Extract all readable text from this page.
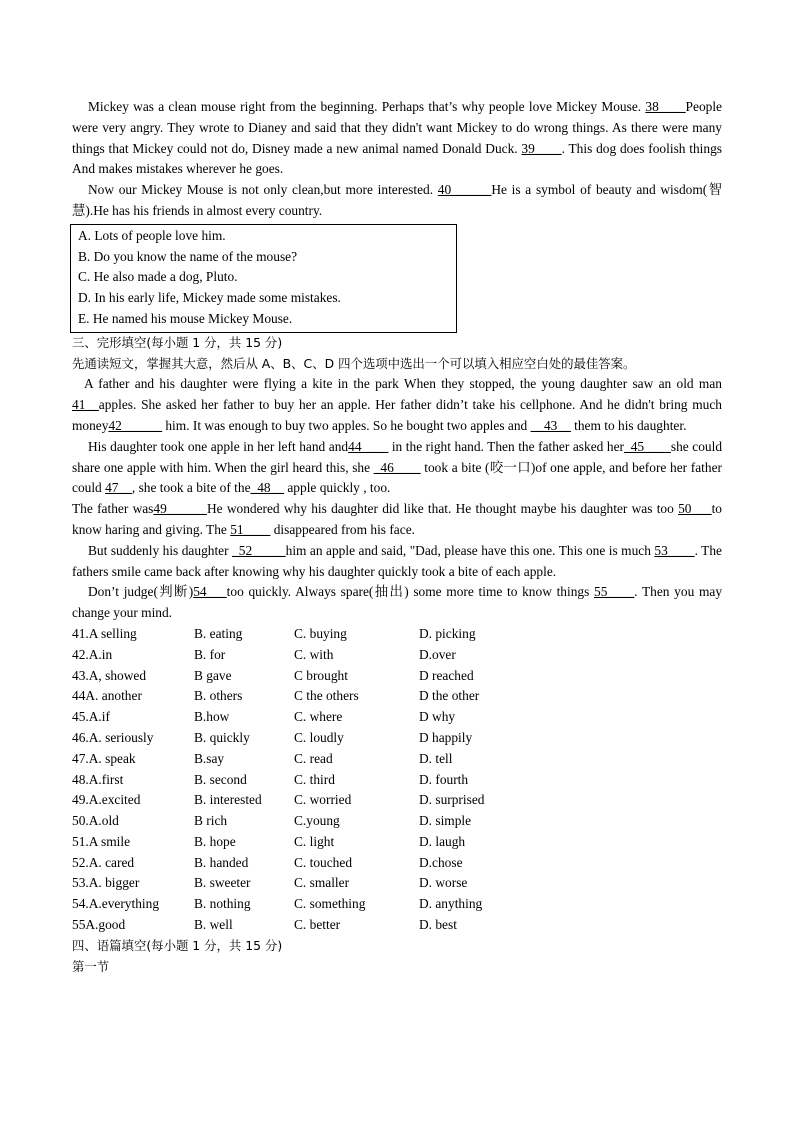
Mickey was a clean mouse right from the beginning. Perhaps that’s why people love Mickey Mouse. 38____People were very angry. They wrote to Dianey and said that they didn't want Mickey to do wrong things. As there were many things that Mickey could not do, Disney made a new animal named Donald Duck. 39____. This dog does foolish things And makes mistakes wherever he goes.

Now our Mickey Mouse is not only clean,but more interested. 40______He is a symbol of beauty and wisdom(智慧).He has his friends in almost every country.

A. Lots of people love him.
B. Do you know the name of the mouse?
C. He also made a dog, Pluto.
D. In his early life, Mickey made some mistakes.
E. He named his mouse Mickey Mouse.
三、完形填空(每小题 1 分，共 15 分)
先通读短文，掌握其大意，然后从 A、B、C、D 四个选项中选出一个可以填入相应空白处的最佳答案。

A father and his daughter were flying a kite in the park When they stopped, the young daughter saw an old man 41__apples. She asked her father to buy her an apple. Her father didn’t take his cellphone. And he didn't bring much money42______ him. It was enough to buy two apples. So he bought two apples and __43__ them to his daughter.

His daughter took one apple in her left hand and44____ in the right hand. Then the father asked her_45____she could share one apple with him. When the girl heard this, she _46____ took a bite (咬一口)of one apple, and before her father could 47__, she took a bite of the_48__ apple quickly , too.

The father was49______He wondered why his daughter did like that. He thought maybe his daughter was too 50___to know haring and giving. The 51____ disappeared from his face.

But suddenly his daughter _52_____him an apple and said, "Dad, please have this one. This one is much 53____. The fathers smile came back after knowing why his daughter quickly took a bite of each apple.

Don’t judge(判断)54___too quickly. Always spare(抽出) some more time to know things 55____. Then you may change your mind.

41.A selling	B. eating	C. buying	D. picking
42.A.in	B. for	C. with	D.over
43.A, showed	B gave	C brought	D reached
44A. another	B. others	C the others	D the other
45.A.if	B.how	C. where	D why
46.A. seriously	B. quickly	C. loudly	D happily
47.A. speak	B.say	C. read	D. tell
48.A.first	B. second	C. third	D. fourth
49.A.excited	B. interested	C. worried	D. surprised
50.A.old	B rich	C.young	D. simple
51.A smile	B. hope	C. light	D. laugh
52.A. cared	B. handed	C. touched	D.chose
53.A. bigger	B. sweeter	C. smaller	D. worse
54.A.everything	B. nothing	C. something	D. anything
55A.good	B. well	C. better	D. best
四、语篇填空(每小题 1 分，共 15 分)
第一节
